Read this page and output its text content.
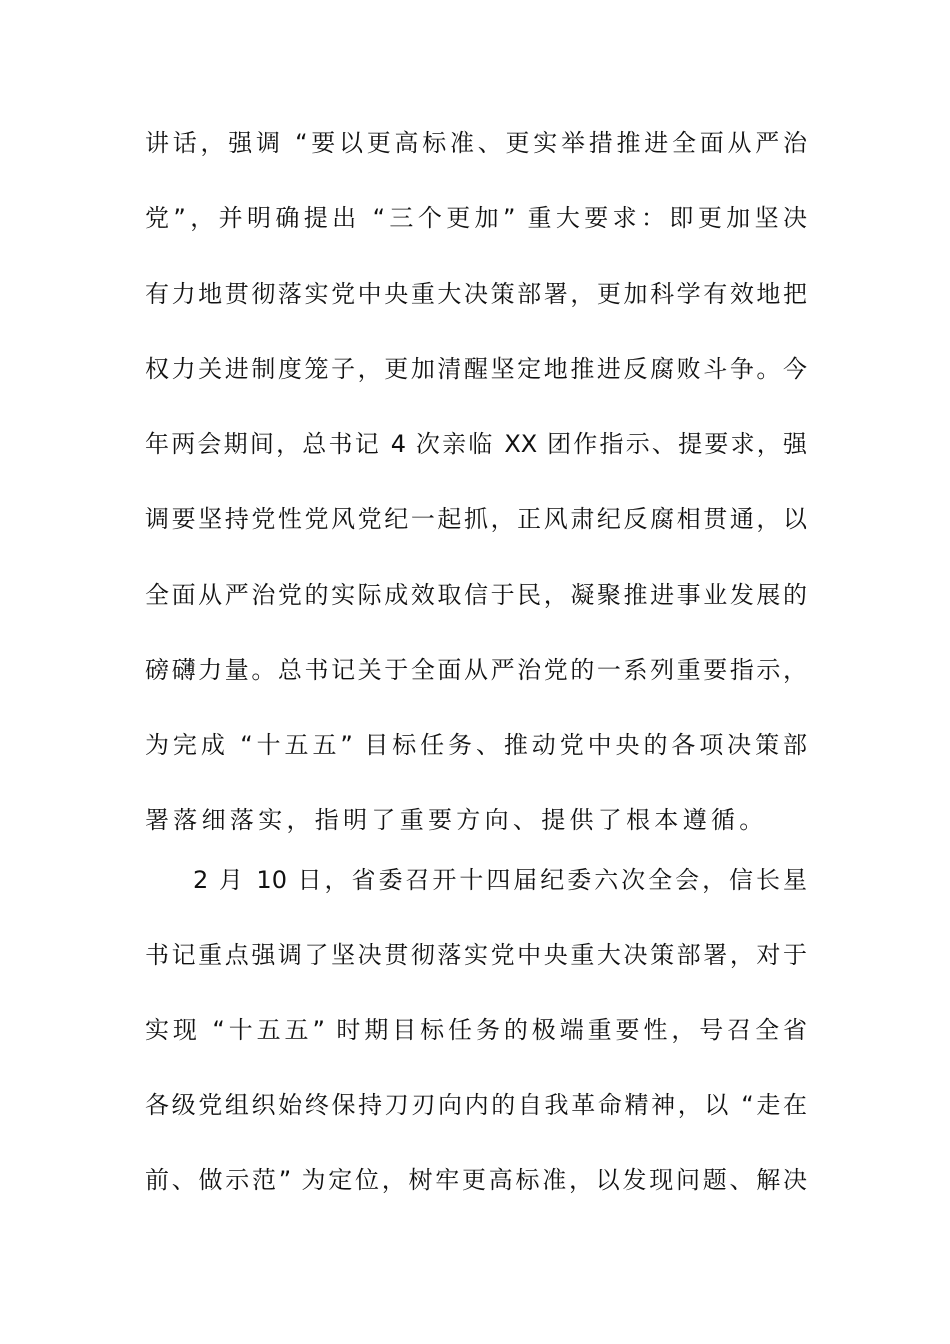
讲话，强调 “要以更高标准、更实举措推进全面从严治
党”，并明确提出 “三个更加” 重大要求：即更加坚决
有力地贯彻落实党中央重大决策部署，更加科学有效地把
权力关进制度笼子，更加清醒坚定地推进反腐败斗争。今
年两会期间，总书记 4 次亲临 XX 团作指示、提要求，强
调要坚持党性党风党纪一起抓，正风肃纪反腐相贯通，以
全面从严治党的实际成效取信于民，凝聚推进事业发展的
磅礴力量。总书记关于全面从严治党的一系列重要指示，
为完成 “十五五” 目标任务、推动党中央的各项决策部
署落细落实，指明了重要方向、提供了根本遵循。
2 月 10 日，省委召开十四届纪委六次全会，信长星
书记重点强调了坚决贯彻落实党中央重大决策部署，对于
实现 “十五五” 时期目标任务的极端重要性，号召全省
各级党组织始终保持刀刃向内的自我革命精神，以 “走在
前、做示范” 为定位，树牢更高标准，以发现问题、解决
